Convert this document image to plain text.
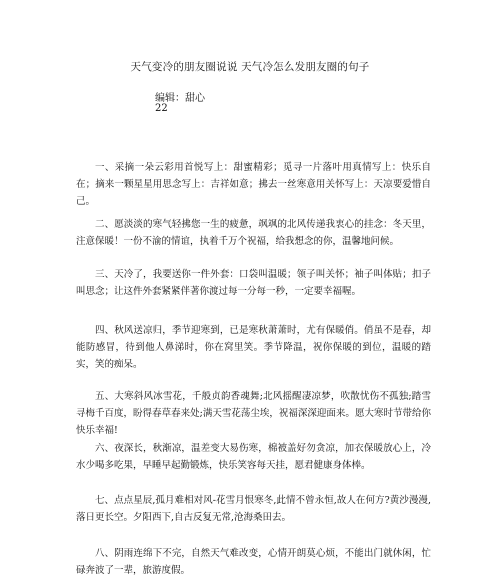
天气变冷的朋友圈说说 天气冷怎么发朋友圈的句子
编辑：甜心
22

一、采摘一朵云彩用首悦写上：甜蜜精彩；觅寻一片落叶用真情写上：快乐自在；摘来一颗星星用思念写上：吉祥如意；拂去一丝寒意用关怀写上：天凉要爱惜自己。

二、愿淡淡的寒气轻拂您一生的疲惫，飒飒的北风传递我衷心的挂念：冬天里，注意保暖！一份不渝的情谊，执着千万个祝福，给我想念的你，温馨地问候。

三、天冷了，我要送你一件外套：口袋叫温暖；领子叫关怀；袖子叫体贴；扣子叫思念；让这件外套紧紧伴著你渡过每一分每一秒，一定要幸福喔。

四、秋风送凉归，季节迎寒到，已是寒秋萧萧时，尤有保暖俏。俏虽不是春，却能防感冒，待到他人鼻涕时，你在窝里笑。季节降温，祝你保暖的到位，温暖的踏实，笑的痴呆。

五、大寒斜风冰雪花，千般贞韵香魂舞;北风摇醒凄凉梦，吹散忧伤不孤独;踏雪寻梅千百度，盼得春草春来处;满天雪花荡尘埃，祝福深深迎面来。愿大寒时节带给你快乐幸福!

六、夜深长，秋渐凉，温差变大易伤寒，棉被盖好勿贪凉，加衣保暖放心上，冷水少喝多吃果，早睡早起勤锻炼，快乐笑容每天挂，愿君健康身体棒。

七、点点星辰,孤月难相对风-花雪月恨寒冬,此情不曾永恒,故人在何方?黄沙漫漫,落日更长空。夕阳西下,自古反复无常,沧海桑田去。

八、阴雨连绵下不完，自然天气难改变，心情开朗莫心烦，不能出门就休闲，忙碌奔波了一辈，旅游度假。
